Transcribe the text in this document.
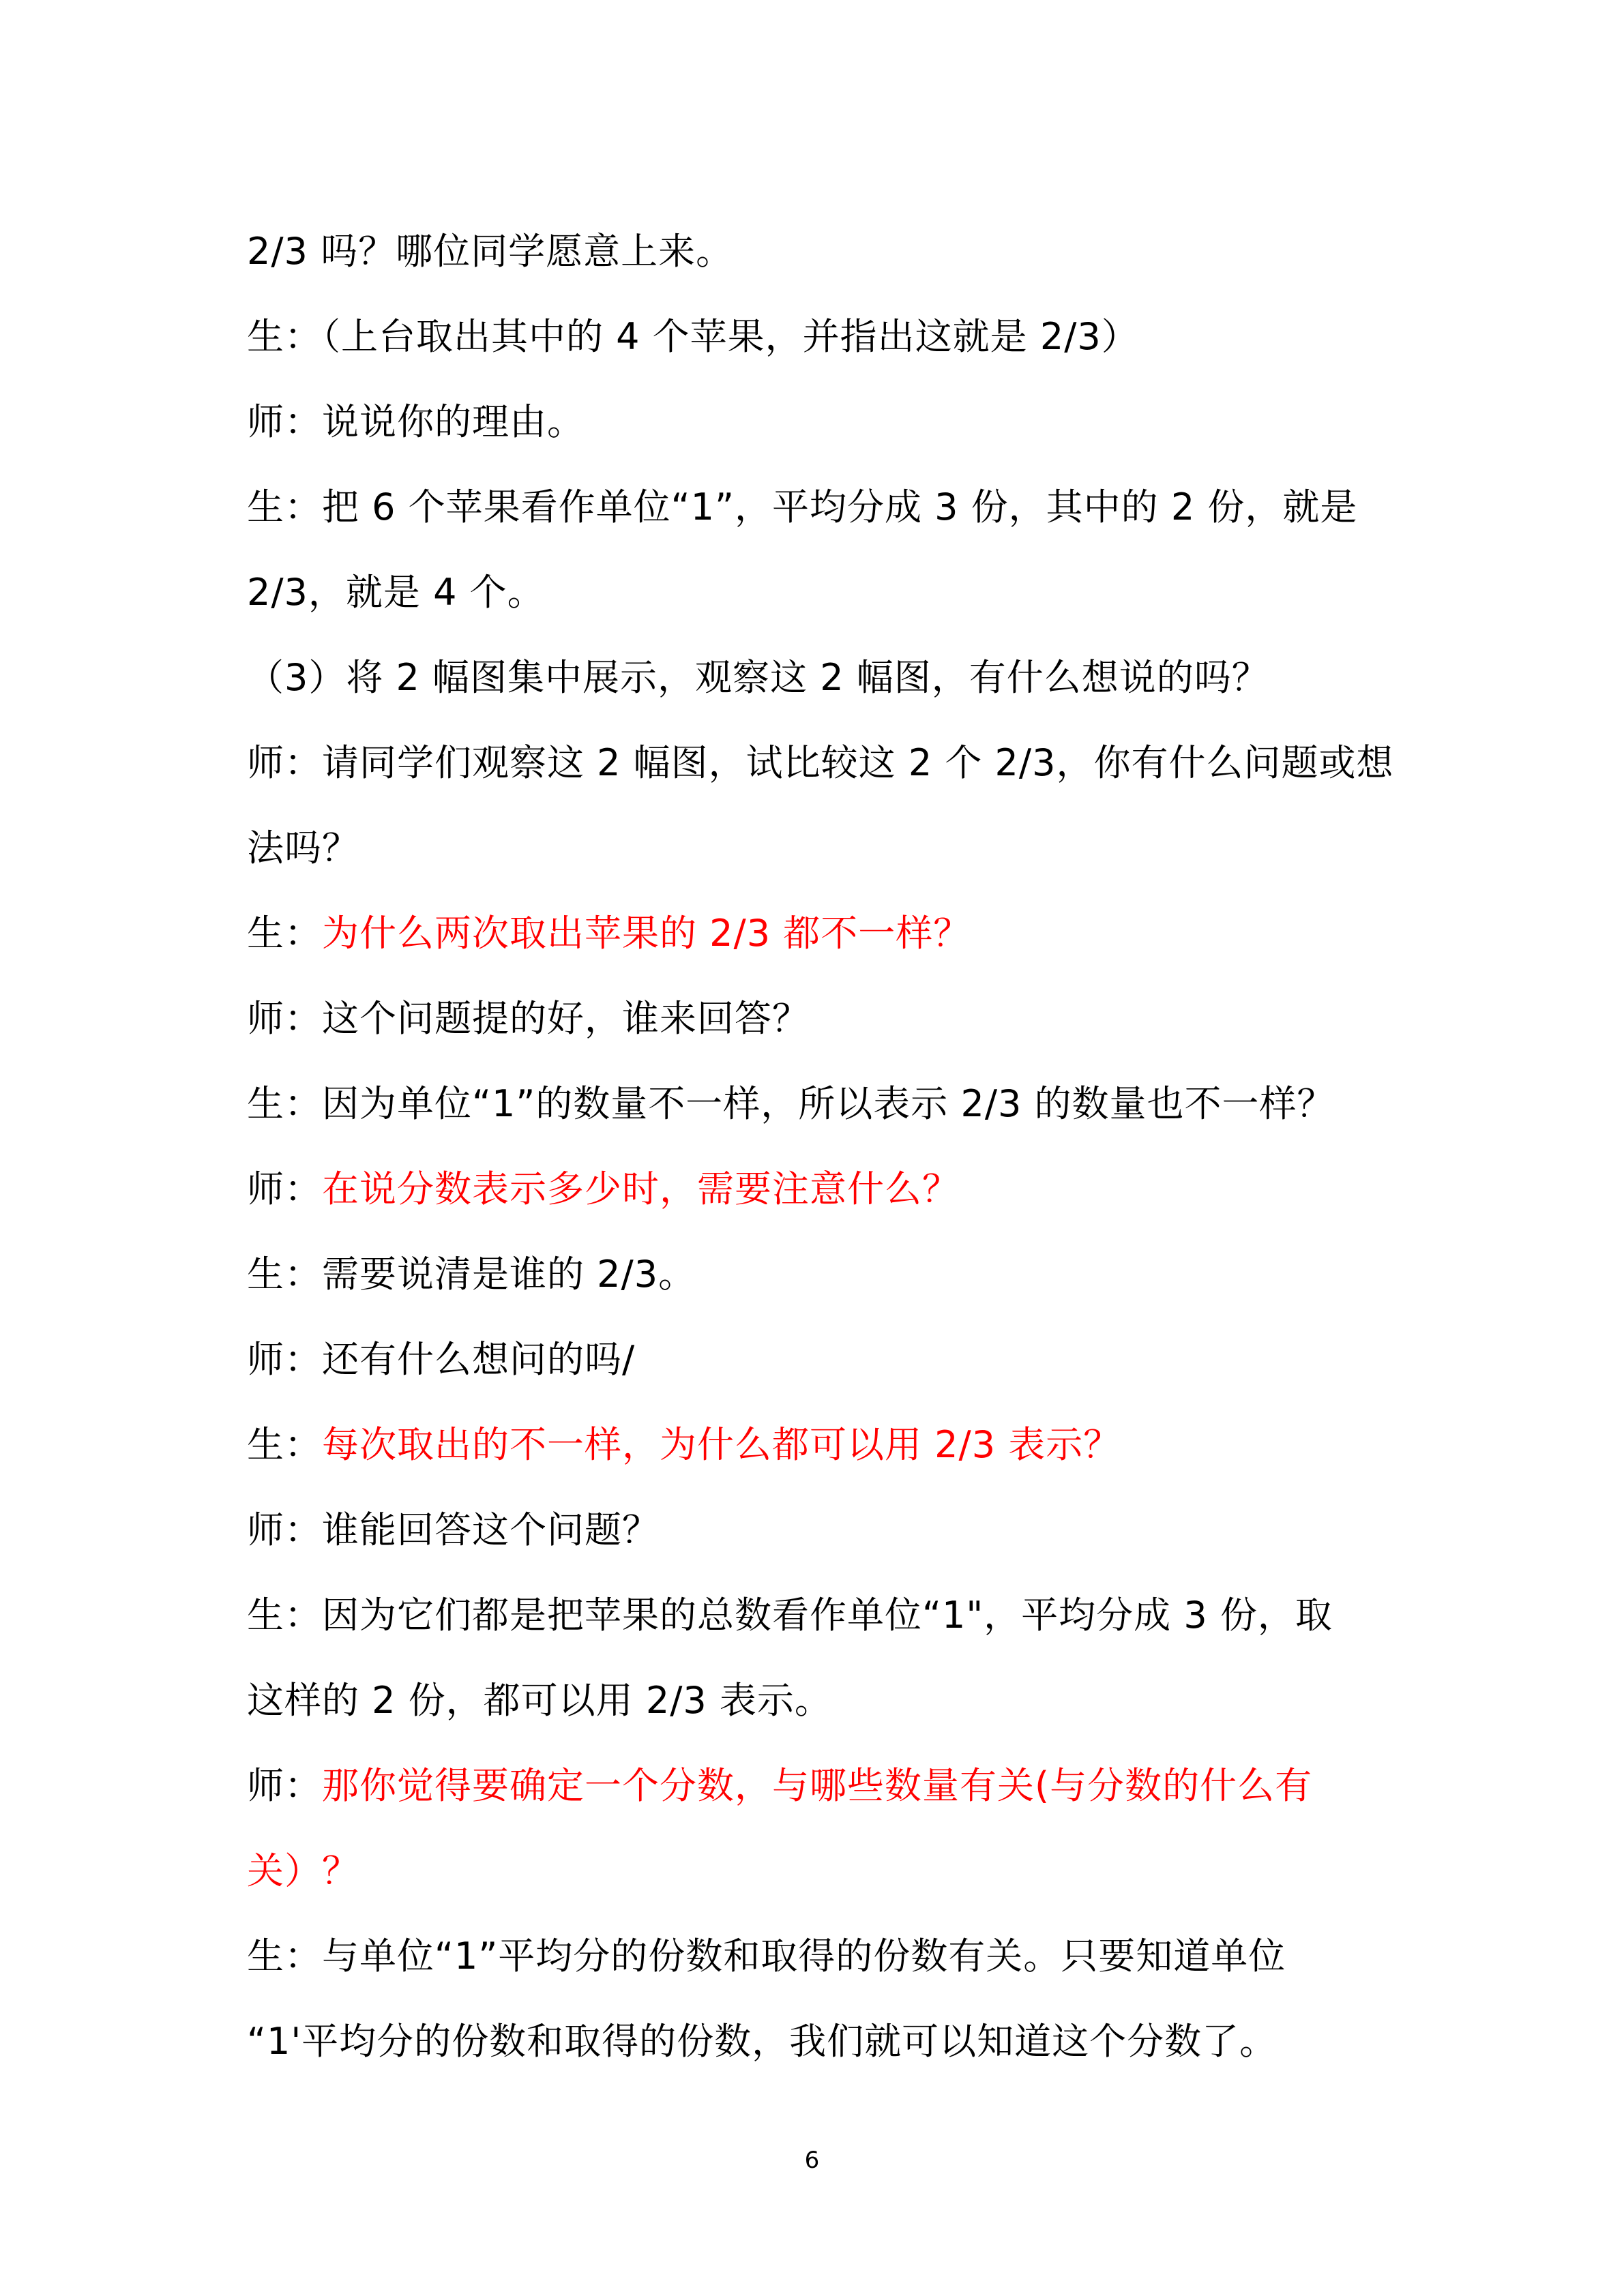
2/3 吗？哪位同学愿意上来。
生：（上台取出其中的 4 个苹果，并指出这就是 2/3）
师：说说你的理由。
生：把 6 个苹果看作单位“1”，平均分成 3 份，其中的 2 份，就是
2/3，就是 4 个。
（3）将 2 幅图集中展示，观察这 2 幅图，有什么想说的吗？
师：请同学们观察这 2 幅图，试比较这 2 个 2/3，你有什么问题或想
法吗？
生：为什么两次取出苹果的 2/3 都不一样？
师：这个问题提的好，谁来回答？
生：因为单位“1”的数量不一样，所以表示 2/3 的数量也不一样？
师：在说分数表示多少时，需要注意什么？
生：需要说清是谁的 2/3。
师：还有什么想问的吗/
生：每次取出的不一样，为什么都可以用 2/3 表示？
师：谁能回答这个问题？
生：因为它们都是把苹果的总数看作单位“1"，平均分成 3 份，取
这样的 2 份，都可以用 2/3 表示。
师：那你觉得要确定一个分数，与哪些数量有关(与分数的什么有
关）？
生：与单位“1”平均分的份数和取得的份数有关。只要知道单位
“1'平均分的份数和取得的份数，我们就可以知道这个分数了。
6
